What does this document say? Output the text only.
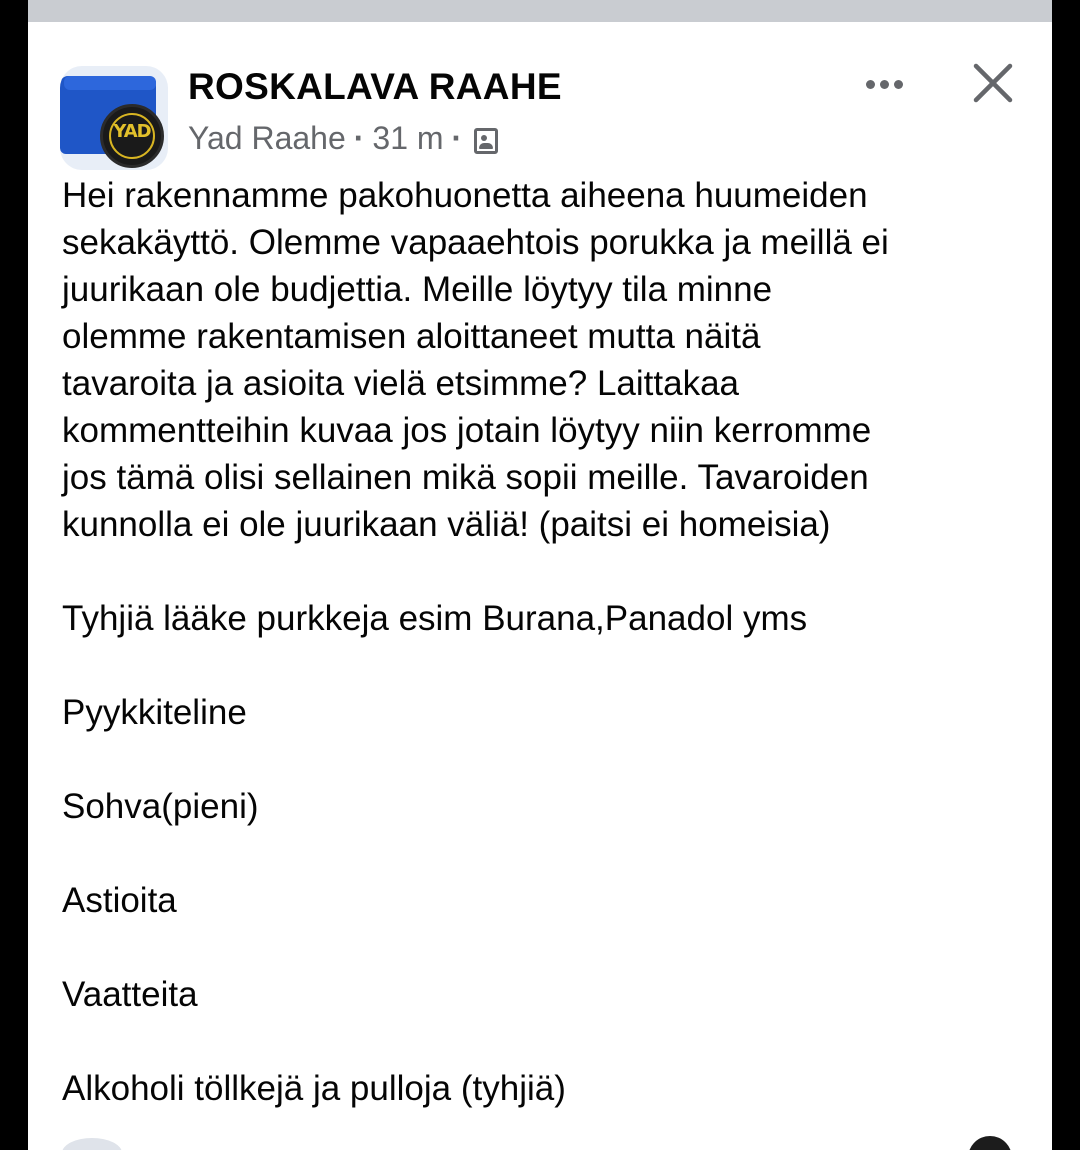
YAD
ROSKALAVA RAAHE
Yad Raahe · 31 m ·

Hei rakennamme pakohuonetta aiheena huumeiden
sekakäyttö. Olemme vapaaehtois porukka ja meillä ei
juurikaan ole budjettia. Meille löytyy tila minne
olemme rakentamisen aloittaneet mutta näitä
tavaroita ja asioita vielä etsimme? Laittakaa
kommentteihin kuvaa jos jotain löytyy niin kerromme
jos tämä olisi sellainen mikä sopii meille. Tavaroiden
kunnolla ei ole juurikaan väliä! (paitsi ei homeisia)

Tyhjiä lääke purkkeja esim Burana,Panadol yms

Pyykkiteline

Sohva(pieni)

Astioita

Vaatteita

Alkoholi töllkejä ja pulloja (tyhjiä)
